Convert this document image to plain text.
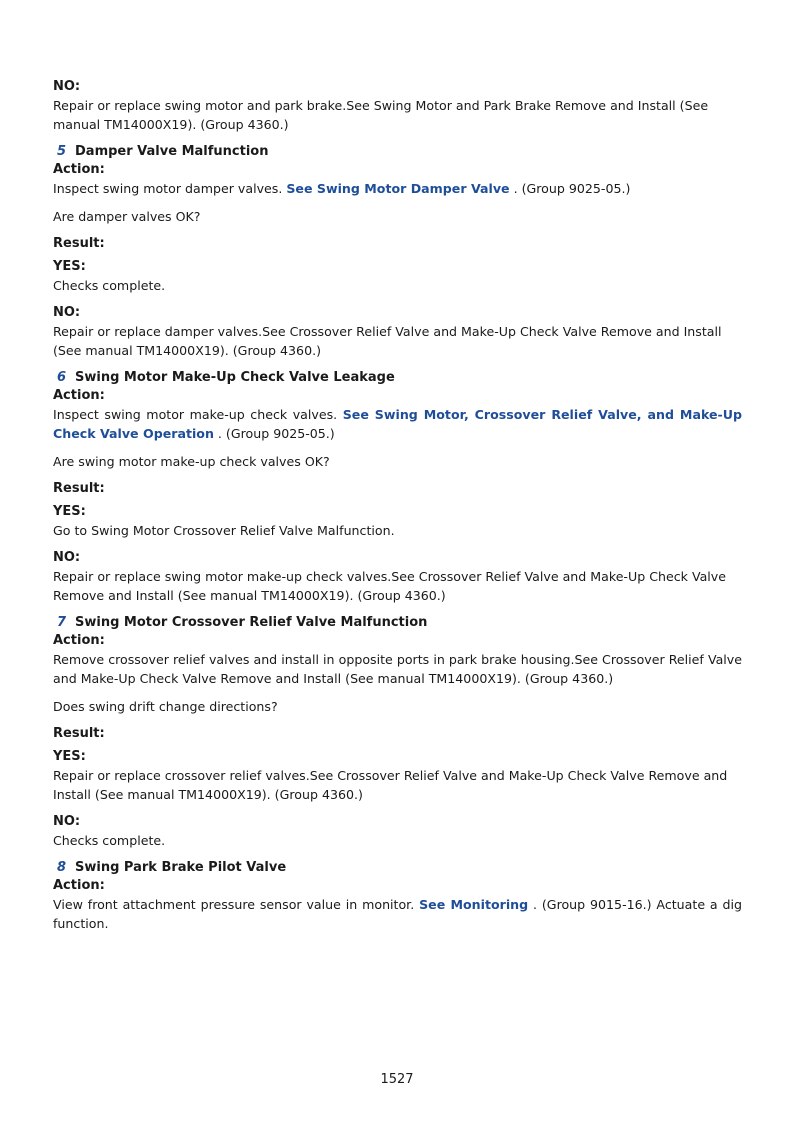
NO:

Repair or replace swing motor and park brake.See Swing Motor and Park Brake Remove and Install (See manual TM14000X19). (Group 4360.)

5 Damper Valve Malfunction

Action:

Inspect swing motor damper valves. See Swing Motor Damper Valve . (Group 9025-05.)

Are damper valves OK?

Result:

YES:

Checks complete.

NO:

Repair or replace damper valves.See Crossover Relief Valve and Make-Up Check Valve Remove and Install (See manual TM14000X19). (Group 4360.)

6 Swing Motor Make-Up Check Valve Leakage

Action:

Inspect swing motor make-up check valves. See Swing Motor, Crossover Relief Valve, and Make-Up Check Valve Operation . (Group 9025-05.)

Are swing motor make-up check valves OK?

Result:

YES:

Go to Swing Motor Crossover Relief Valve Malfunction.

NO:

Repair or replace swing motor make-up check valves.See Crossover Relief Valve and Make-Up Check Valve Remove and Install (See manual TM14000X19). (Group 4360.)

7 Swing Motor Crossover Relief Valve Malfunction

Action:

Remove crossover relief valves and install in opposite ports in park brake housing.See Crossover Relief Valve and Make-Up Check Valve Remove and Install (See manual TM14000X19). (Group 4360.)

Does swing drift change directions?

Result:

YES:

Repair or replace crossover relief valves.See Crossover Relief Valve and Make-Up Check Valve Remove and Install (See manual TM14000X19). (Group 4360.)

NO:

Checks complete.

8 Swing Park Brake Pilot Valve

Action:

View front attachment pressure sensor value in monitor. See Monitoring . (Group 9015-16.) Actuate a dig function.

1527
